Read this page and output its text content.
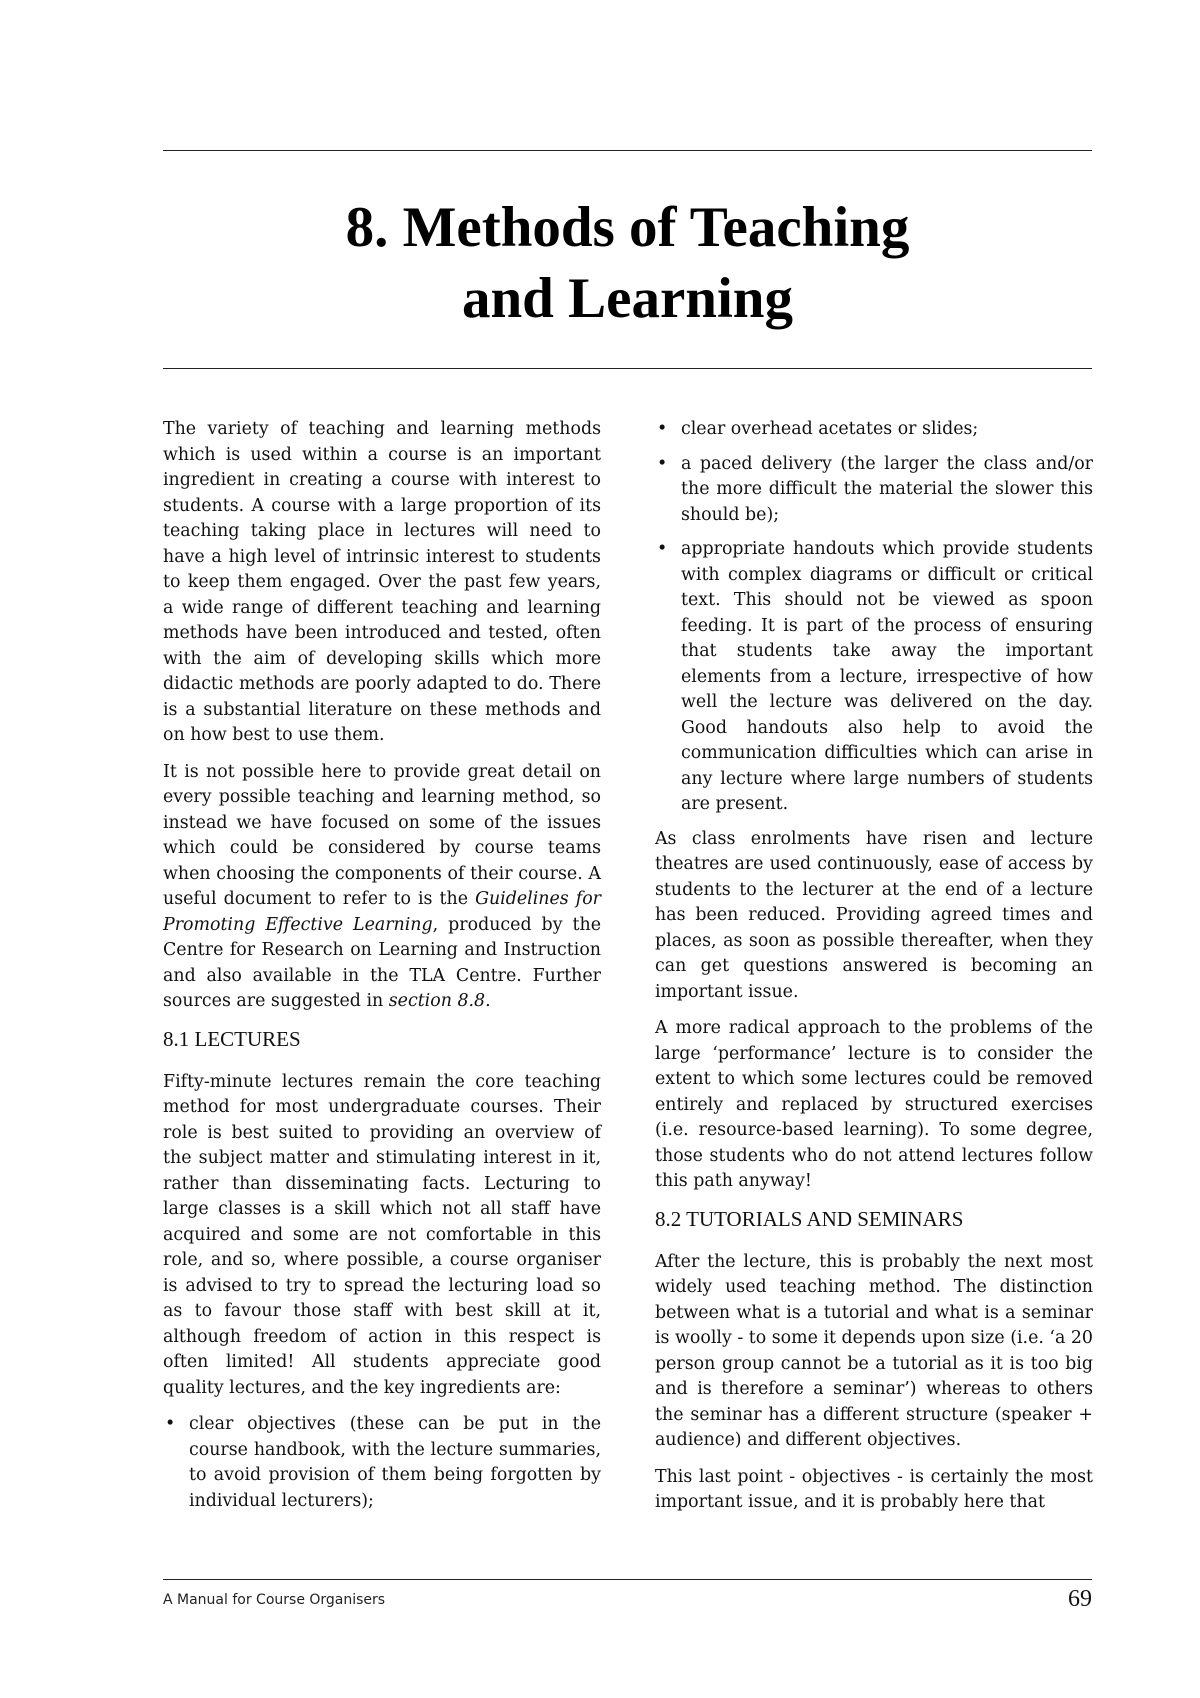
8. Methods of Teaching
and Learning

The variety of teaching and learning methods which is used within a course is an important ingredient in creating a course with interest to students. A course with a large proportion of its teaching taking place in lectures will need to have a high level of intrinsic interest to students to keep them engaged. Over the past few years, a wide range of different teaching and learning methods have been introduced and tested, often with the aim of developing skills which more didactic methods are poorly adapted to do. There is a substantial literature on these methods and on how best to use them.

It is not possible here to provide great detail on every possible teaching and learning method, so instead we have focused on some of the issues which could be considered by course teams when choosing the components of their course. A useful document to refer to is the Guidelines for Promoting Effective Learning, produced by the Centre for Research on Learning and Instruction and also available in the TLA Centre. Further sources are suggested in section 8.8.

8.1 LECTURES

Fifty-minute lectures remain the core teaching method for most undergraduate courses. Their role is best suited to providing an overview of the subject matter and stimulating interest in it, rather than disseminating facts. Lecturing to large classes is a skill which not all staff have acquired and some are not comfortable in this role, and so, where possible, a course organiser is advised to try to spread the lecturing load so as to favour those staff with best skill at it, although freedom of action in this respect is often limited! All students appreciate good quality lectures, and the key ingredients are:

• clear objectives (these can be put in the course handbook, with the lecture summaries, to avoid provision of them being forgotten by individual lecturers);
• clear overhead acetates or slides;
• a paced delivery (the larger the class and/or the more difficult the material the slower this should be);
• appropriate handouts which provide students with complex diagrams or difficult or critical text. This should not be viewed as spoon feeding. It is part of the process of ensuring that students take away the important elements from a lecture, irrespective of how well the lecture was delivered on the day. Good handouts also help to avoid the communication difficulties which can arise in any lecture where large numbers of students are present.

As class enrolments have risen and lecture theatres are used continuously, ease of access by students to the lecturer at the end of a lecture has been reduced. Providing agreed times and places, as soon as possible thereafter, when they can get questions answered is becoming an important issue.

A more radical approach to the problems of the large ‘performance’ lecture is to consider the extent to which some lectures could be removed entirely and replaced by structured exercises (i.e. resource-based learning). To some degree, those students who do not attend lectures follow this path anyway!

8.2 TUTORIALS AND SEMINARS

After the lecture, this is probably the next most widely used teaching method. The distinction between what is a tutorial and what is a seminar is woolly - to some it depends upon size (i.e. ‘a 20 person group cannot be a tutorial as it is too big and is therefore a seminar’) whereas to others the seminar has a different structure (speaker + audience) and different objectives.

This last point - objectives - is certainly the most important issue, and it is probably here that

A Manual for Course Organisers	69
